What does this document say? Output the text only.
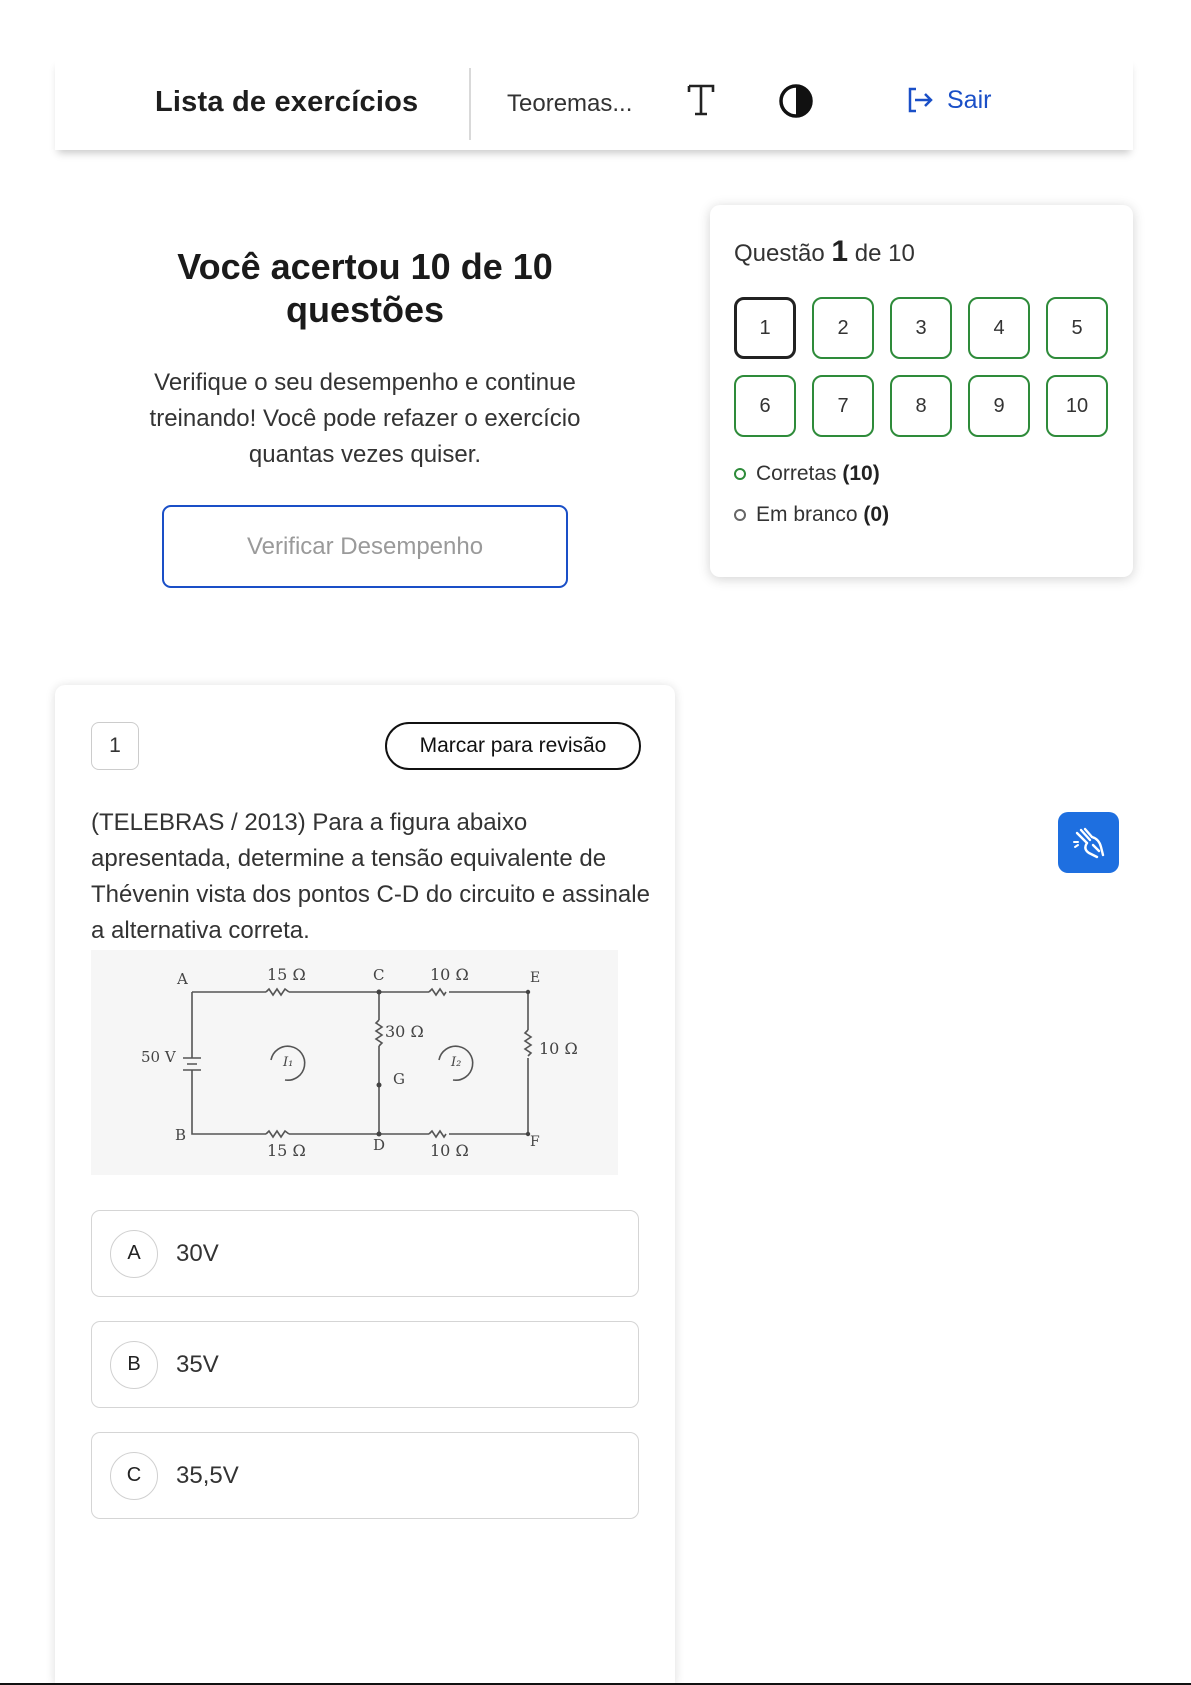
Lista de exercícios	Teoremas...	Sair
Você acertou 10 de 10 questões

Verifique o seu desempenho e continue treinando! Você pode refazer o exercício quantas vezes quiser.

Verificar Desempenho
Questão 1 de 10
1	2	3	4	5
6	7	8	9	10
Corretas (10)
Em branco (0)
1	Marcar para revisão
(TELEBRAS / 2013) Para a figura abaixo apresentada, determine a tensão equivalente de Thévenin vista dos pontos C-D do circuito e assinale a alternativa correta.
A
B
C
D
E
F
G
15 Ω	10 Ω
30 Ω
10 Ω
15 Ω	10 Ω
50 V	I₁	I₂
A	30V
B	35V
C	35,5V
